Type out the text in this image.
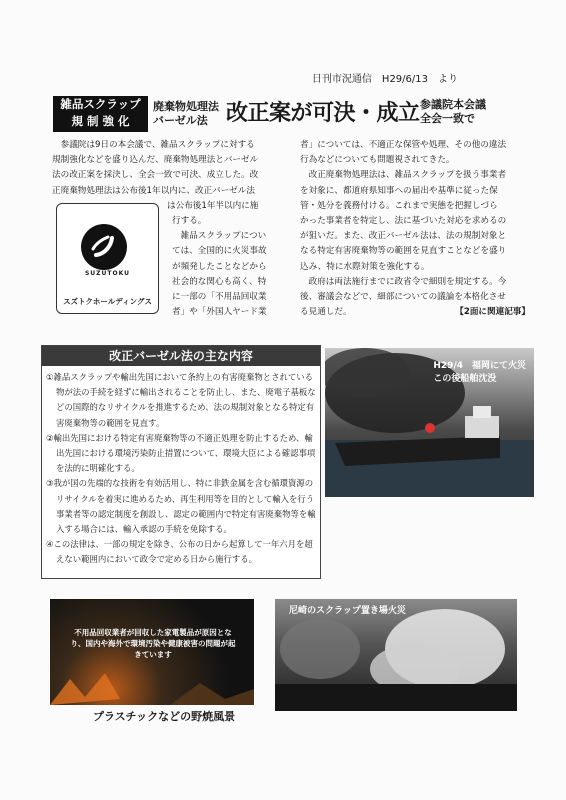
日刊市況通信　H29/6/13　より
雑品スクラップ
規 制 強 化
廃棄物処理法
バーゼル法 改正案が可決・成立 参議院本会議
全会一致で
　参議院は9日の本会議で、雑品スクラップに対する
規制強化などを盛り込んだ、廃棄物処理法とバーゼル
法の改正案を採決し、全会一致で可決、成立した。改
正廃棄物処理法は公布後1年以内に、改正バーゼル法
は公布後1年半以内に施
SUZUTOKU
スズトクホールディングス
行する。
　雑品スクラップについ
ては、全国的に火災事故
が頻発したことなどから
社会的な関心も高く、特
に一部の「不用品回収業
者」や「外国人ヤード業
者」については、不適正な保管や処理、その他の違法
行為などについても問題視されてきた。
　改正廃棄物処理法は、雑品スクラップを扱う事業者
を対象に、都道府県知事への届出や基準に従った保
管・処分を義務付ける。これまで実態を把握しづら
かった事業者を特定し、法に基づいた対応を求めるの
が狙いだ。また、改正バーゼル法は、法の規制対象と
なる特定有害廃棄物等の範囲を見直すことなどを盛り
込み、特に水際対策を強化する。
　政府は両法施行までに政省令で細則を規定する。今
後、審議会などで、細部についての議論を本格化させ
る見通しだ。	【2面に関連記事】
改正バーゼル法の主な内容

①雑品スクラップや輸出先国において条約上の有害廃棄物とされている物が法の手続を経ずに輸出されることを防止し、また、廃電子基板などの国際的なリサイクルを推進するため、法の規制対象となる特定有害廃棄物等の範囲を見直す。

②輸出先国における特定有害廃棄物等の不適正処理を防止するため、輸出先国における環境汚染防止措置について、環境大臣による確認事項を法的に明確化する。

③我が国の先端的な技術を有効活用し、特に非鉄金属を含む循環資源のリサイクルを着実に進めるため、再生利用等を目的として輸入を行う事業者等の認定制度を創設し、認定の範囲内で特定有害廃棄物等を輸入する場合には、輸入承認の手続を免除する。

④この法律は、一部の規定を除き、公布の日から起算して一年六月を超えない範囲内において政令で定める日から施行する。

H29/4　福岡にて火災
この後船舶沈没
不用品回収業者が回収した家電製品が原因となり、国内や海外で環境汚染や健康被害の問題が起きています
プラスチックなどの野焼風景
尼崎のスクラップ置き場火災
